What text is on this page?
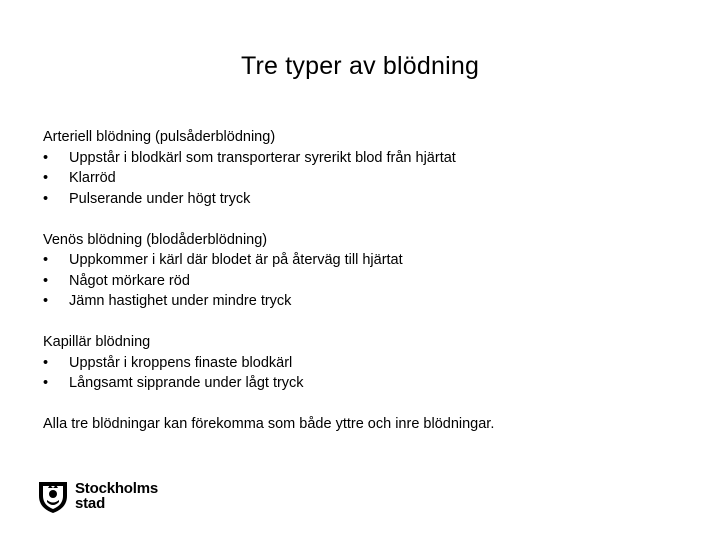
Tre typer av blödning

Arteriell blödning (pulsåderblödning)

•	Uppstår i blodkärl som transporterar syrerikt blod från hjärtat
•	Klarröd
•	Pulserande under högt tryck

Venös blödning (blodåderblödning)

•	Uppkommer i kärl där blodet är på återväg till hjärtat
•	Något mörkare röd
•	Jämn hastighet under mindre tryck

Kapillär blödning

•	Uppstår i kroppens finaste blodkärl
•	Långsamt sipprande under lågt tryck

Alla tre blödningar kan förekomma som både yttre och inre blödningar.

Stockholms
stad
